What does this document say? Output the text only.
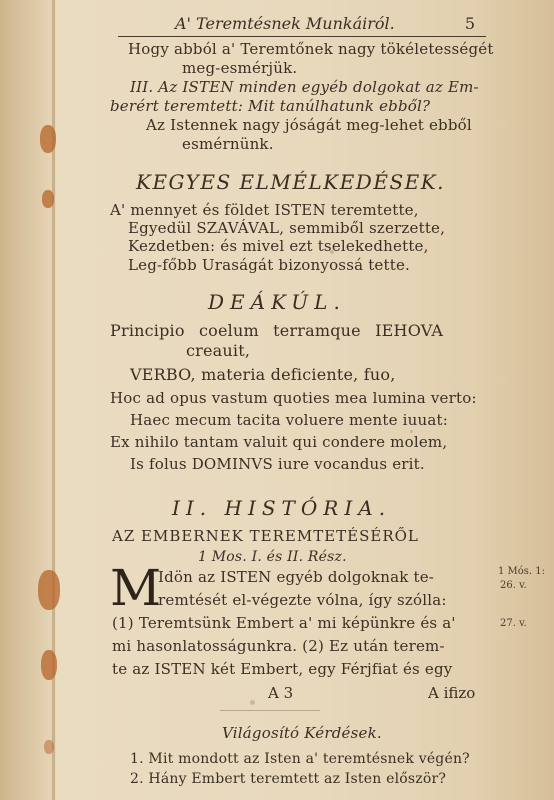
A' Teremtésnek Munkáiról.	5
Hogy abból a' Teremtőnek nagy tökéletességét
meg-esmérjük.
III. Az ISTEN minden egyéb dolgokat az Em-
berért teremtett: Mit tanúlhatunk ebből?
Az Istennek nagy jóságát meg-lehet ebből
esmérnünk.
KEGYES ELMÉLKEDÉSEK.
A' mennyet és földet ISTEN teremtette,
Egyedül SZAVÁVAL, semmiből szerzette,
Kezdetben: és mivel ezt tselekedhette,
Leg-főbb Uraságát bizonyossá tette.
DEÁKÚL.
Principio coelum terramque IEHOVA
creauit,
VERBO, materia deficiente, fuo,
Hoc ad opus vastum quoties mea lumina verto:
Haec mecum tacita voluere mente iuuat:
Ex nihilo tantam valuit qui condere molem,
Is folus DOMINVS iure vocandus erit.
II. HISTÓRIA.
AZ EMBERNEK TEREMTETÉSÉRŐL
1 Mos. I. és II. Rész.
M
Idön az ISTEN egyéb dolgoknak te-
remtését el-végezte vólna, így szólla:
(1) Teremtsünk Embert a' mi képünkre és a'
mi hasonlatosságunkra. (2) Ez után terem-
te az ISTEN két Embert, egy Férjfiat és egy
1 Mós. 1:
26. v.
27. v.
A 3	A ifizo
Világosító Kérdések.
1. Mit mondott az Isten a' teremtésnek végén?
2. Hány Embert teremtett az Isten először?
